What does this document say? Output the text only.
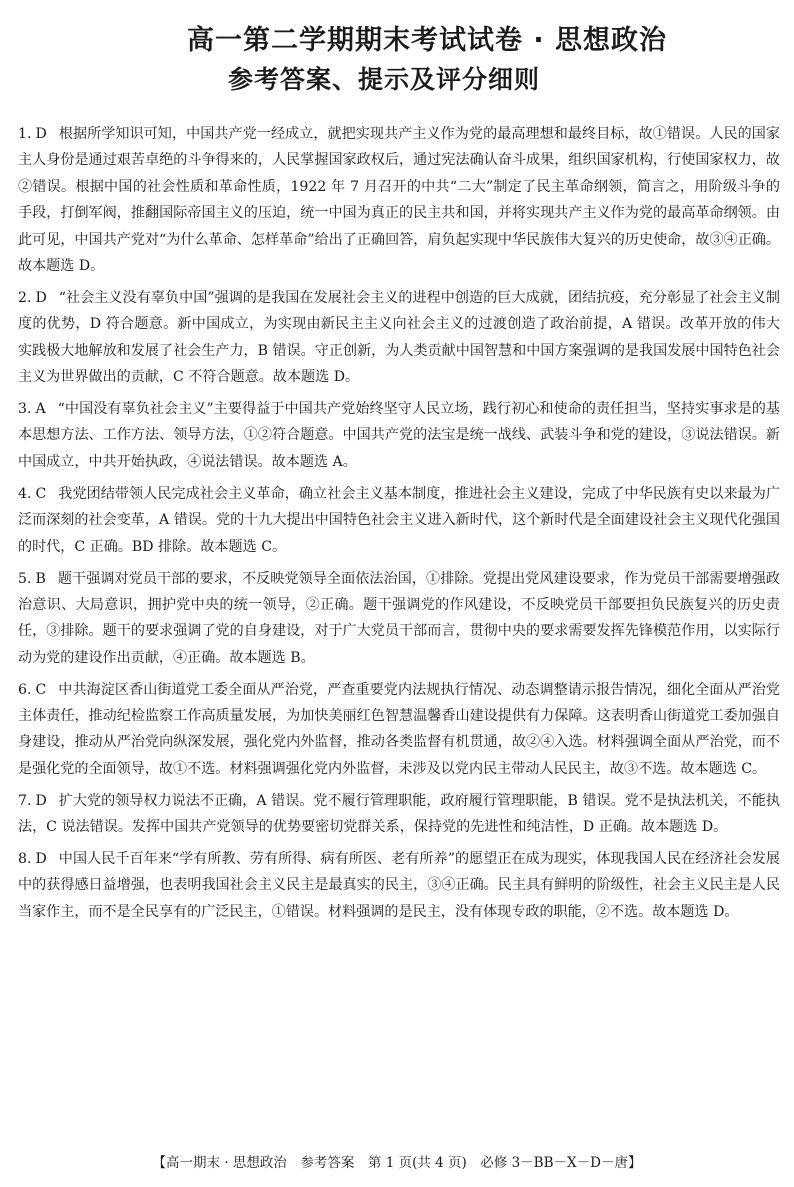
高一第二学期期末考试试卷 · 思想政治
参考答案、提示及评分细则

1. D 根据所学知识可知，中国共产党一经成立，就把实现共产主义作为党的最高理想和最终目标，故①错误。人民的国家主人身份是通过艰苦卓绝的斗争得来的，人民掌握国家政权后，通过宪法确认奋斗成果，组织国家机构，行使国家权力，故②错误。根据中国的社会性质和革命性质，1922 年 7 月召开的中共“二大”制定了民主革命纲领，简言之，用阶级斗争的手段，打倒军阀，推翻国际帝国主义的压迫，统一中国为真正的民主共和国，并将实现共产主义作为党的最高革命纲领。由此可见，中国共产党对“为什么革命、怎样革命”给出了正确回答，肩负起实现中华民族伟大复兴的历史使命，故③④正确。故本题选 D。

2. D “社会主义没有辜负中国”强调的是我国在发展社会主义的进程中创造的巨大成就，团结抗疫，充分彰显了社会主义制度的优势，D 符合题意。新中国成立，为实现由新民主主义向社会主义的过渡创造了政治前提，A 错误。改革开放的伟大实践极大地解放和发展了社会生产力，B 错误。守正创新，为人类贡献中国智慧和中国方案强调的是我国发展中国特色社会主义为世界做出的贡献，C 不符合题意。故本题选 D。

3. A “中国没有辜负社会主义”主要得益于中国共产党始终坚守人民立场，践行初心和使命的责任担当，坚持实事求是的基本思想方法、工作方法、领导方法，①②符合题意。中国共产党的法宝是统一战线、武装斗争和党的建设，③说法错误。新中国成立，中共开始执政，④说法错误。故本题选 A。

4. C 我党团结带领人民完成社会主义革命，确立社会主义基本制度，推进社会主义建设，完成了中华民族有史以来最为广泛而深刻的社会变革，A 错误。党的十九大提出中国特色社会主义进入新时代，这个新时代是全面建设社会主义现代化强国的时代，C 正确。BD 排除。故本题选 C。

5. B 题干强调对党员干部的要求，不反映党领导全面依法治国，①排除。党提出党风建设要求，作为党员干部需要增强政治意识、大局意识，拥护党中央的统一领导，②正确。题干强调党的作风建设，不反映党员干部要担负民族复兴的历史责任，③排除。题干的要求强调了党的自身建设，对于广大党员干部而言，贯彻中央的要求需要发挥先锋模范作用，以实际行动为党的建设作出贡献，④正确。故本题选 B。

6. C 中共海淀区香山街道党工委全面从严治党，严查重要党内法规执行情况、动态调整请示报告情况，细化全面从严治党主体责任，推动纪检监察工作高质量发展，为加快美丽红色智慧温馨香山建设提供有力保障。这表明香山街道党工委加强自身建设，推动从严治党向纵深发展，强化党内外监督，推动各类监督有机贯通，故②④入选。材料强调全面从严治党，而不是强化党的全面领导，故①不选。材料强调强化党内外监督，未涉及以党内民主带动人民民主，故③不选。故本题选 C。

7. D 扩大党的领导权力说法不正确，A 错误。党不履行管理职能，政府履行管理职能，B 错误。党不是执法机关，不能执法，C 说法错误。发挥中国共产党领导的优势要密切党群关系，保持党的先进性和纯洁性，D 正确。故本题选 D。

8. D 中国人民千百年来“学有所教、劳有所得、病有所医、老有所养”的愿望正在成为现实，体现我国人民在经济社会发展中的获得感日益增强，也表明我国社会主义民主是最真实的民主，③④正确。民主具有鲜明的阶级性，社会主义民主是人民当家作主，而不是全民享有的广泛民主，①错误。材料强调的是民主，没有体现专政的职能，②不选。故本题选 D。

【高一期末 · 思想政治　参考答案　第 1 页(共 4 页)　必修 3－BB－X－D－唐】
